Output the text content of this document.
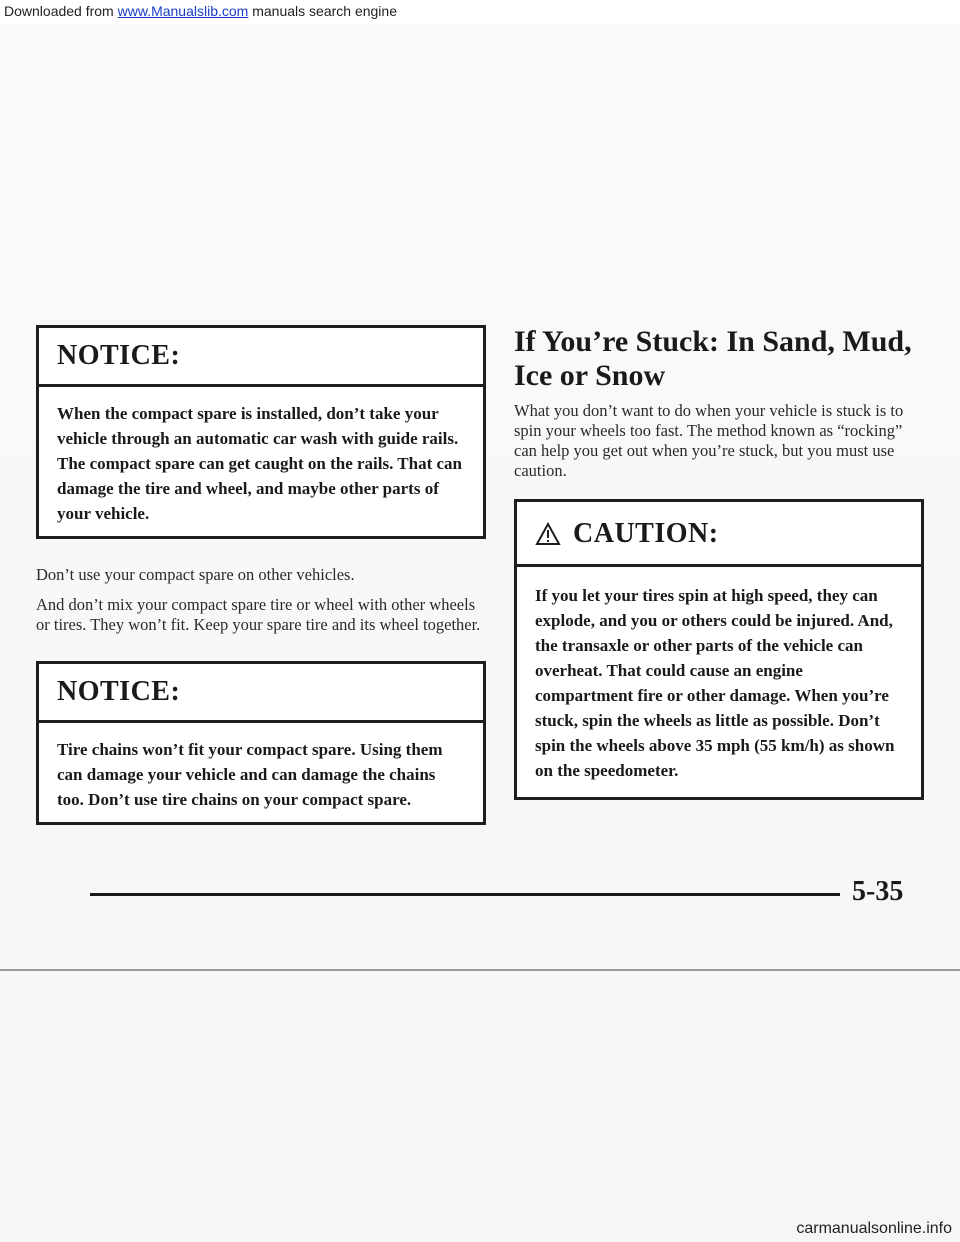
Downloaded from www.Manualslib.com manuals search engine
NOTICE:
When the compact spare is installed, don’t take your vehicle through an automatic car wash with guide rails. The compact spare can get caught on the rails. That can damage the tire and wheel, and maybe other parts of your vehicle.

Don’t use your compact spare on other vehicles.

And don’t mix your compact spare tire or wheel with other wheels or tires. They won’t fit. Keep your spare tire and its wheel together.

NOTICE:
Tire chains won’t fit your compact spare. Using them can damage your vehicle and can damage the chains too. Don’t use tire chains on your compact spare.
If You’re Stuck: In Sand, Mud,
Ice or Snow

What you don’t want to do when your vehicle is stuck is to spin your wheels too fast. The method known as “rocking” can help you get out when you’re stuck, but you must use caution.

CAUTION:
If you let your tires spin at high speed, they can explode, and you or others could be injured. And, the transaxle or other parts of the vehicle can overheat. That could cause an engine compartment fire or other damage. When you’re stuck, spin the wheels as little as possible. Don’t spin the wheels above 35 mph (55 km/h) as shown on the speedometer.
5-35
carmanualsonline.info
